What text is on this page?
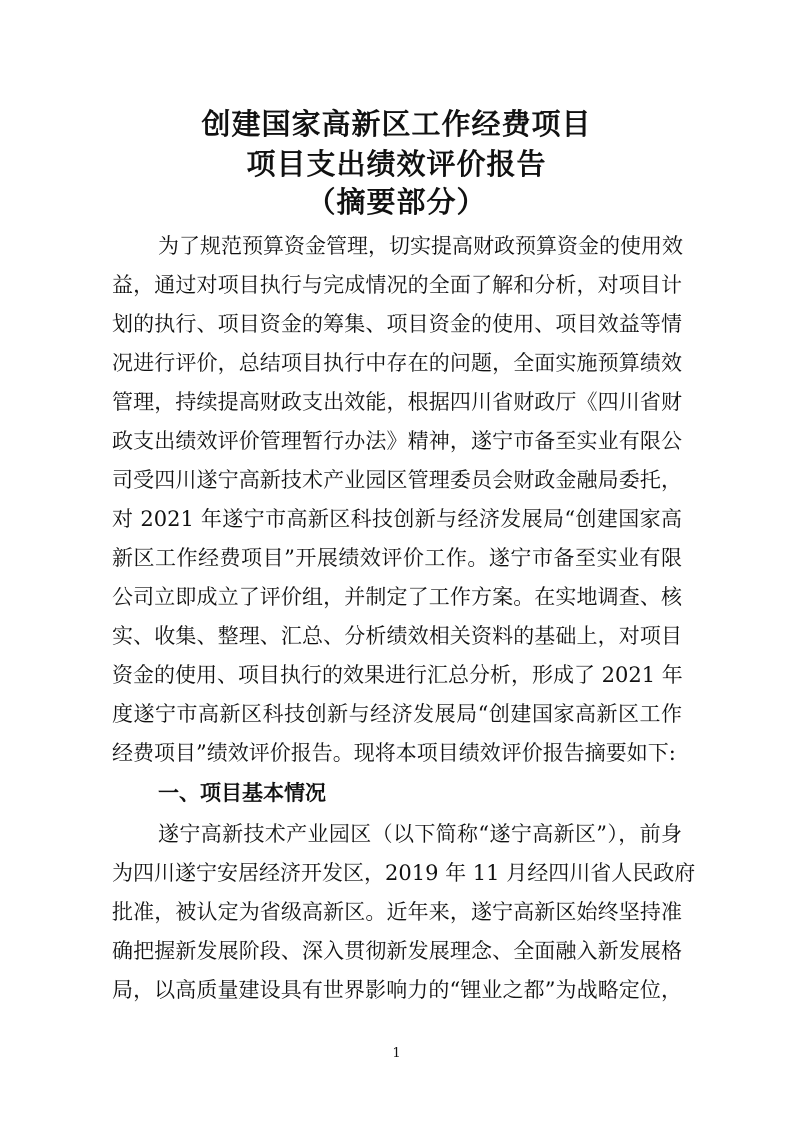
创建国家高新区工作经费项目
项目支出绩效评价报告
（摘要部分）
为了规范预算资金管理，切实提高财政预算资金的使用效
益，通过对项目执行与完成情况的全面了解和分析，对项目计
划的执行、项目资金的筹集、项目资金的使用、项目效益等情
况进行评价，总结项目执行中存在的问题，全面实施预算绩效
管理，持续提高财政支出效能，根据四川省财政厅《四川省财
政支出绩效评价管理暂行办法》精神，遂宁市备至实业有限公
司受四川遂宁高新技术产业园区管理委员会财政金融局委托，
对 2021 年遂宁市高新区科技创新与经济发展局“创建国家高
新区工作经费项目”开展绩效评价工作。遂宁市备至实业有限
公司立即成立了评价组，并制定了工作方案。在实地调查、核
实、收集、整理、汇总、分析绩效相关资料的基础上，对项目
资金的使用、项目执行的效果进行汇总分析，形成了 2021 年
度遂宁市高新区科技创新与经济发展局“创建国家高新区工作
经费项目”绩效评价报告。现将本项目绩效评价报告摘要如下:
一、项目基本情况
遂宁高新技术产业园区（以下简称“遂宁高新区”），前身
为四川遂宁安居经济开发区，2019 年 11 月经四川省人民政府
批准，被认定为省级高新区。近年来，遂宁高新区始终坚持准
确把握新发展阶段、深入贯彻新发展理念、全面融入新发展格
局，以高质量建设具有世界影响力的“锂业之都”为战略定位，
1
